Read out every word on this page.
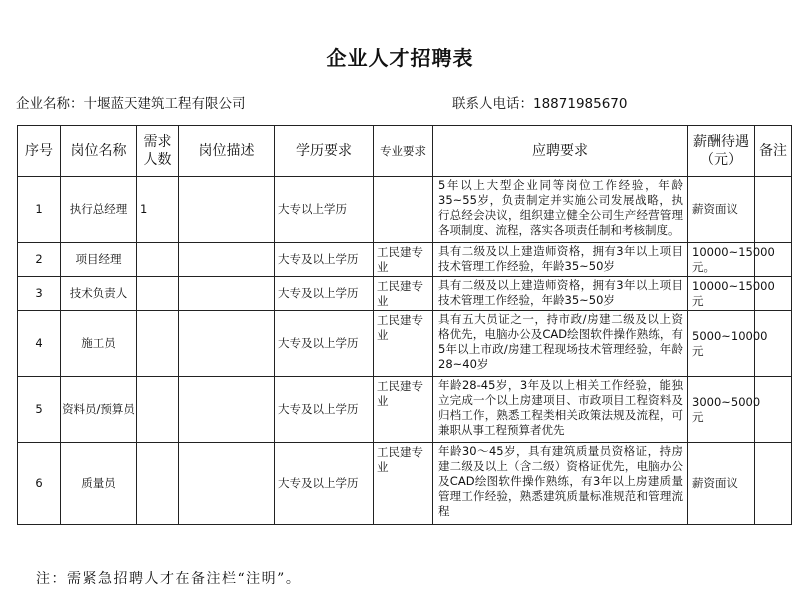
企业人才招聘表
企业名称：十堰蓝天建筑工程有限公司	联系人电话：18871985670
序号	岗位名称	需求人数	岗位描述	学历要求	专业要求	应聘要求	薪酬待遇（元）	备注
1	执行总经理	1		大专以上学历		5年以上大型企业同等岗位工作经验，年龄35~55岁，负责制定并实施公司发展战略，执行总经会决议，组织建立健全公司生产经营管理各项制度、流程，落实各项责任制和考核制度。	薪资面议	
2	项目经理			大专及以上学历	工民建专业	具有二级及以上建造师资格，拥有3年以上项目技术管理工作经验，年龄35~50岁	10000~15000元。	
3	技术负责人			大专及以上学历	工民建专业	具有二级及以上建造师资格，拥有3年以上项目技术管理工作经验，年龄35~50岁	10000~15000元	
4	施工员			大专及以上学历	工民建专业	具有五大员证之一，持市政/房建二级及以上资格优先，电脑办公及CAD绘图软件操作熟练，有5年以上市政/房建工程现场技术管理经验，年龄28~40岁	5000~10000元	
5	资料员/预算员			大专及以上学历	工民建专业	年龄28-45岁，3年及以上相关工作经验，能独立完成一个以上房建项目、市政项目工程资料及归档工作，熟悉工程类相关政策法规及流程，可兼职从事工程预算者优先	3000~5000元	
6	质量员			大专及以上学历	工民建专业	年龄30～45岁，具有建筑质量员资格证，持房建二级及以上（含二级）资格证优先，电脑办公及CAD绘图软件操作熟练，有3年以上房建质量管理工作经验，熟悉建筑质量标准规范和管理流程	薪资面议	
注：需紧急招聘人才在备注栏“注明”。
